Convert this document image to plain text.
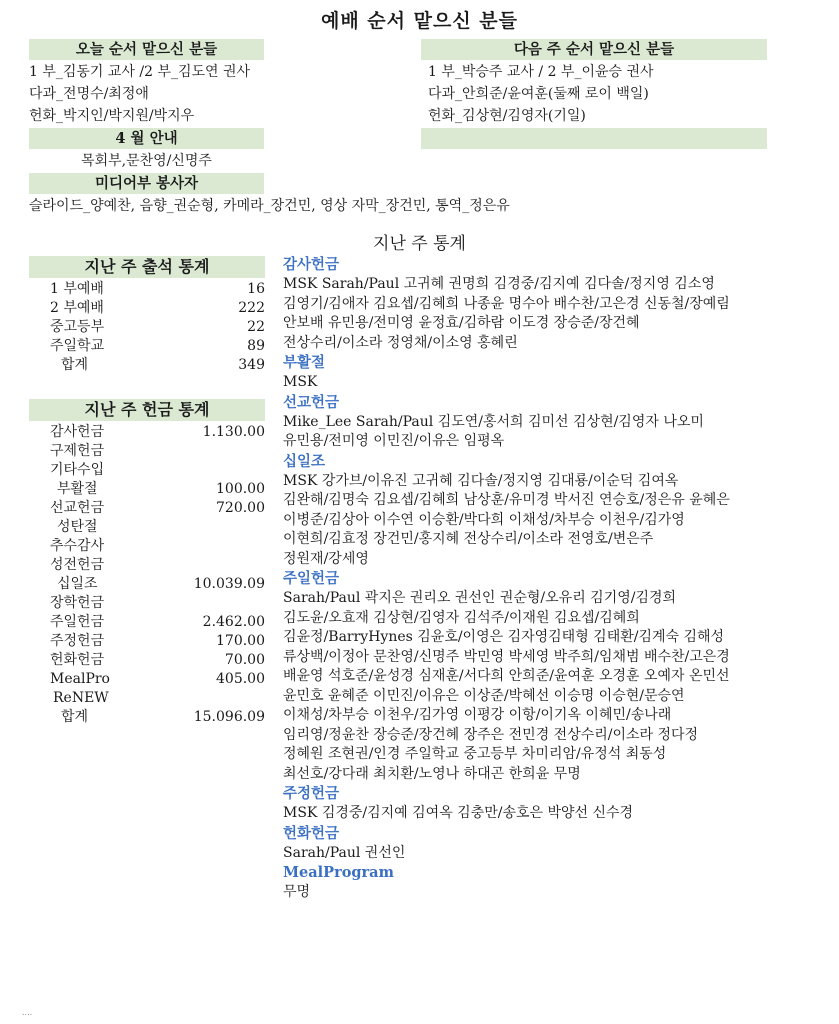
예배 순서 맡으신 분들
오늘 순서 맡으신 분들
1 부_김동기 교사 /2 부_김도연 권사
다과_전명수/최정애
헌화_박지인/박지원/박지우
다음 주 순서 맡으신 분들
1 부_박승주 교사 / 2 부_이윤승 권사
다과_안희준/윤여훈(둘째 로이 백일)
헌화_김상현/김영자(기일)
4 월 안내
목회부,문찬영/신명주
미디어부 봉사자
슬라이드_양예찬, 음향_권순형, 카메라_장건민, 영상 자막_장건민, 통역_정은유
지난 주 통계
지난 주 출석 통계
1 부예배	16
2 부예배	222
중고등부	22
주일학교	89
합계	349
지난 주 헌금 통계
감사헌금	1.130.00
구제헌금
기타수입
부활절	100.00
선교헌금	720.00
성탄절
추수감사
성전헌금
십일조	10.039.09
장학헌금
주일헌금	2.462.00
주정헌금	170.00
헌화헌금	70.00
MealPro	405.00
ReNEW
합계	15.096.09
감사헌금
MSK Sarah/Paul 고귀혜 권명희 김경중/김지예 김다솔/정지영 김소영
김영기/김애자 김요셉/김혜희 나종윤 명수아 배수찬/고은경 신동철/장예림
안보배 유민용/전미영 윤정효/김하람 이도경 장승준/장건혜
전상수리/이소라 정영채/이소영 홍혜린
부활절
MSK
선교헌금
Mike_Lee Sarah/Paul 김도연/홍서희 김미선 김상현/김영자 나오미
유민용/전미영 이민진/이유은 임평옥
십일조
MSK 강가브/이유진 고귀혜 김다솔/정지영 김대룡/이순덕 김여옥
김완해/김명숙 김요셉/김혜희 남상훈/유미경 박서진 연승호/정은유 윤혜은
이병준/김상아 이수연 이승환/박다희 이채성/차부승 이천우/김가영
이현희/김효정 장건민/홍지혜 전상수리/이소라 전영호/변은주
정원재/강세영
주일헌금
Sarah/Paul 곽지은 권리오 권선인 권순형/오유리 김기영/김경희
김도윤/오효재 김상현/김영자 김석주/이재원 김요셉/김혜희
김윤정/BarryHynes 김윤호/이영은 김자영김태형 김태환/김계숙 김해성
류상백/이정아 문찬영/신명주 박민영 박세영 박주희/임채범 배수찬/고은경
배윤영 석호준/윤성경 심재훈/서다희 안희준/윤여훈 오경훈 오예자 온민선
윤민호 윤혜준 이민진/이유은 이상준/박혜선 이승명 이승현/문승연
이채성/차부승 이천우/김가영 이평강 이항/이기옥 이혜민/송나래
임리영/정윤찬 장승준/장건혜 장주은 전민경 전상수리/이소라 정다정
정혜원 조현권/인경 주일학교 중고등부 차미리암/유정석 최동성
최선호/강다래 최치환/노영나 하대곤 한희윤 무명
주정헌금
MSK 김경중/김지예 김여옥 김충만/송호은 박양선 신수경
헌화헌금
Sarah/Paul 권선인
MealProgram
무명
....
